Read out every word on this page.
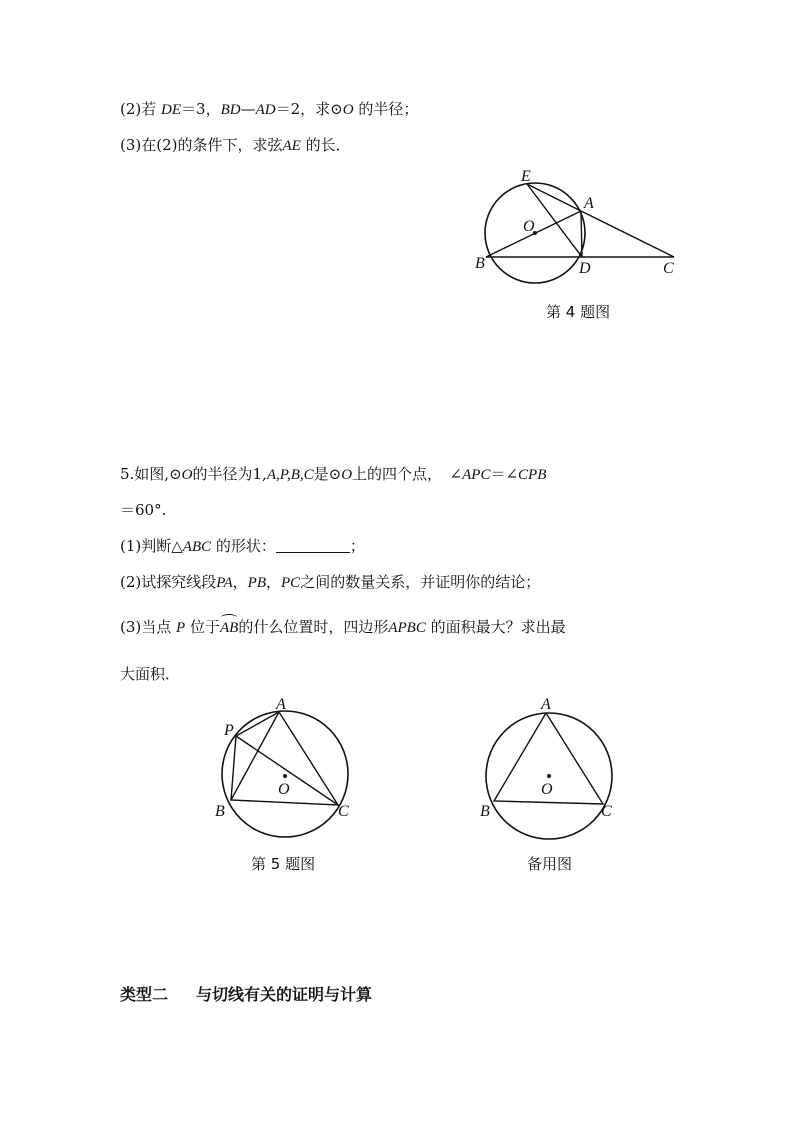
(2)若 DE＝3，BD—AD＝2，求⊙O 的半径；
(3)在(2)的条件下，求弦AE 的长．
E
A
O
B	D	C
第 4 题图
5.如图,⊙O的半径为1,A,P,B,C是⊙O上的四个点，　∠APC＝∠CPB
＝60°.
(1)判断△ABC 的形状：	；
(2)试探究线段PA，PB，PC之间的数量关系，并证明你的结论；
(3)当点 P 位于AB的什么位置时，四边形APBC 的面积最大？求出最
大面积．
A
P
O
B	C
第 5 题图
A
O
B	C
备用图
类型二 与切线有关的证明与计算
